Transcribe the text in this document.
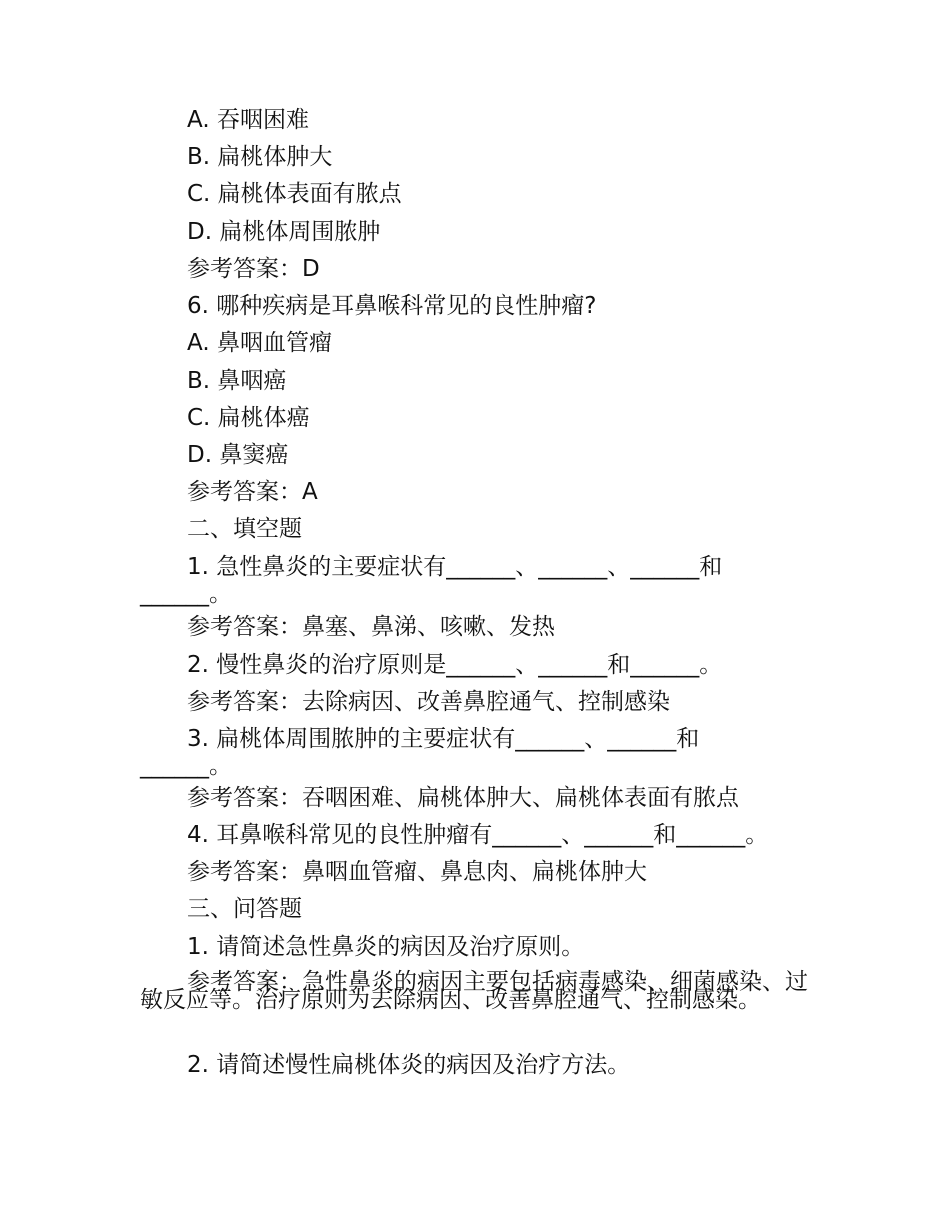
A. 吞咽困难
B. 扁桃体肿大
C. 扁桃体表面有脓点
D. 扁桃体周围脓肿
参考答案：D
6. 哪种疾病是耳鼻喉科常见的良性肿瘤?
A. 鼻咽血管瘤
B. 鼻咽癌
C. 扁桃体癌
D. 鼻窦癌
参考答案：A
二、填空题
1. 急性鼻炎的主要症状有______、______、______和
______。
参考答案：鼻塞、鼻涕、咳嗽、发热
2. 慢性鼻炎的治疗原则是______、______和______。
参考答案：去除病因、改善鼻腔通气、控制感染
3. 扁桃体周围脓肿的主要症状有______、______和
______。
参考答案：吞咽困难、扁桃体肿大、扁桃体表面有脓点
4. 耳鼻喉科常见的良性肿瘤有______、______和______。
参考答案：鼻咽血管瘤、鼻息肉、扁桃体肿大
三、问答题
1. 请简述急性鼻炎的病因及治疗原则。
参考答案：急性鼻炎的病因主要包括病毒感染、细菌感染、过敏反应等。治疗原则为去除病因、改善鼻腔通气、控制感染。
2. 请简述慢性扁桃体炎的病因及治疗方法。
